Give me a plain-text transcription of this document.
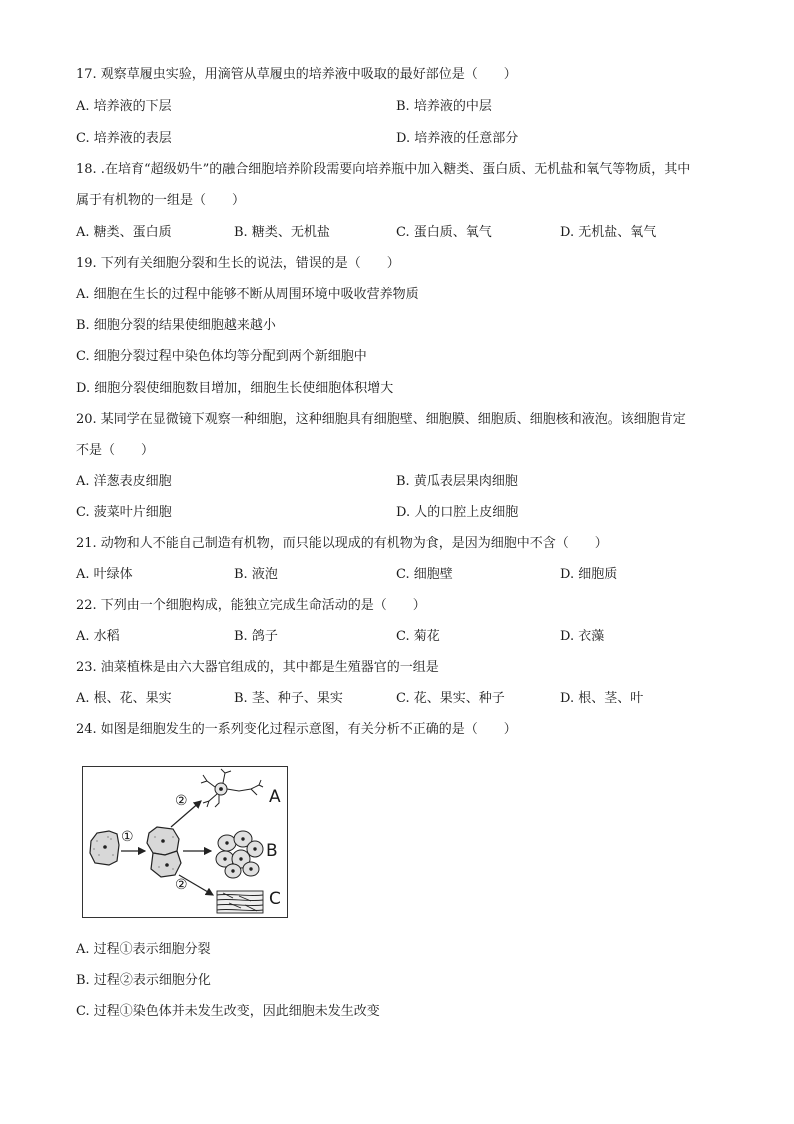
17. 观察草履虫实验，用滴管从草履虫的培养液中吸取的最好部位是（　　）
A. 培养液的下层	B. 培养液的中层
C. 培养液的表层	D. 培养液的任意部分
18. .在培育“超级奶牛”的融合细胞培养阶段需要向培养瓶中加入糖类、蛋白质、无机盐和氧气等物质，其中
属于有机物的一组是（　　）
A. 糖类、蛋白质	B. 糖类、无机盐	C. 蛋白质、氧气	D. 无机盐、氧气
19. 下列有关细胞分裂和生长的说法，错误的是（　　）
A. 细胞在生长的过程中能够不断从周围环境中吸收营养物质
B. 细胞分裂的结果使细胞越来越小
C. 细胞分裂过程中染色体均等分配到两个新细胞中
D. 细胞分裂使细胞数目增加，细胞生长使细胞体积增大
20. 某同学在显微镜下观察一种细胞，这种细胞具有细胞壁、细胞膜、细胞质、细胞核和液泡。该细胞肯定
不是（　　）
A. 洋葱表皮细胞	B. 黄瓜表层果肉细胞
C. 菠菜叶片细胞	D. 人的口腔上皮细胞
21. 动物和人不能自己制造有机物，而只能以现成的有机物为食，是因为细胞中不含（　　）
A. 叶绿体	B. 液泡	C. 细胞壁	D. 细胞质
22. 下列由一个细胞构成，能独立完成生命活动的是（　　）
A. 水稻	B. 鸽子	C. 菊花	D. 衣藻
23. 油菜植株是由六大器官组成的，其中都是生殖器官的一组是
A. 根、花、果实	B. 茎、种子、果实	C. 花、果实、种子	D. 根、茎、叶
24. 如图是细胞发生的一系列变化过程示意图，有关分析不正确的是（　　）
②
①
②
A
B
C
A. 过程①表示细胞分裂
B. 过程②表示细胞分化
C. 过程①染色体并未发生改变，因此细胞未发生改变
